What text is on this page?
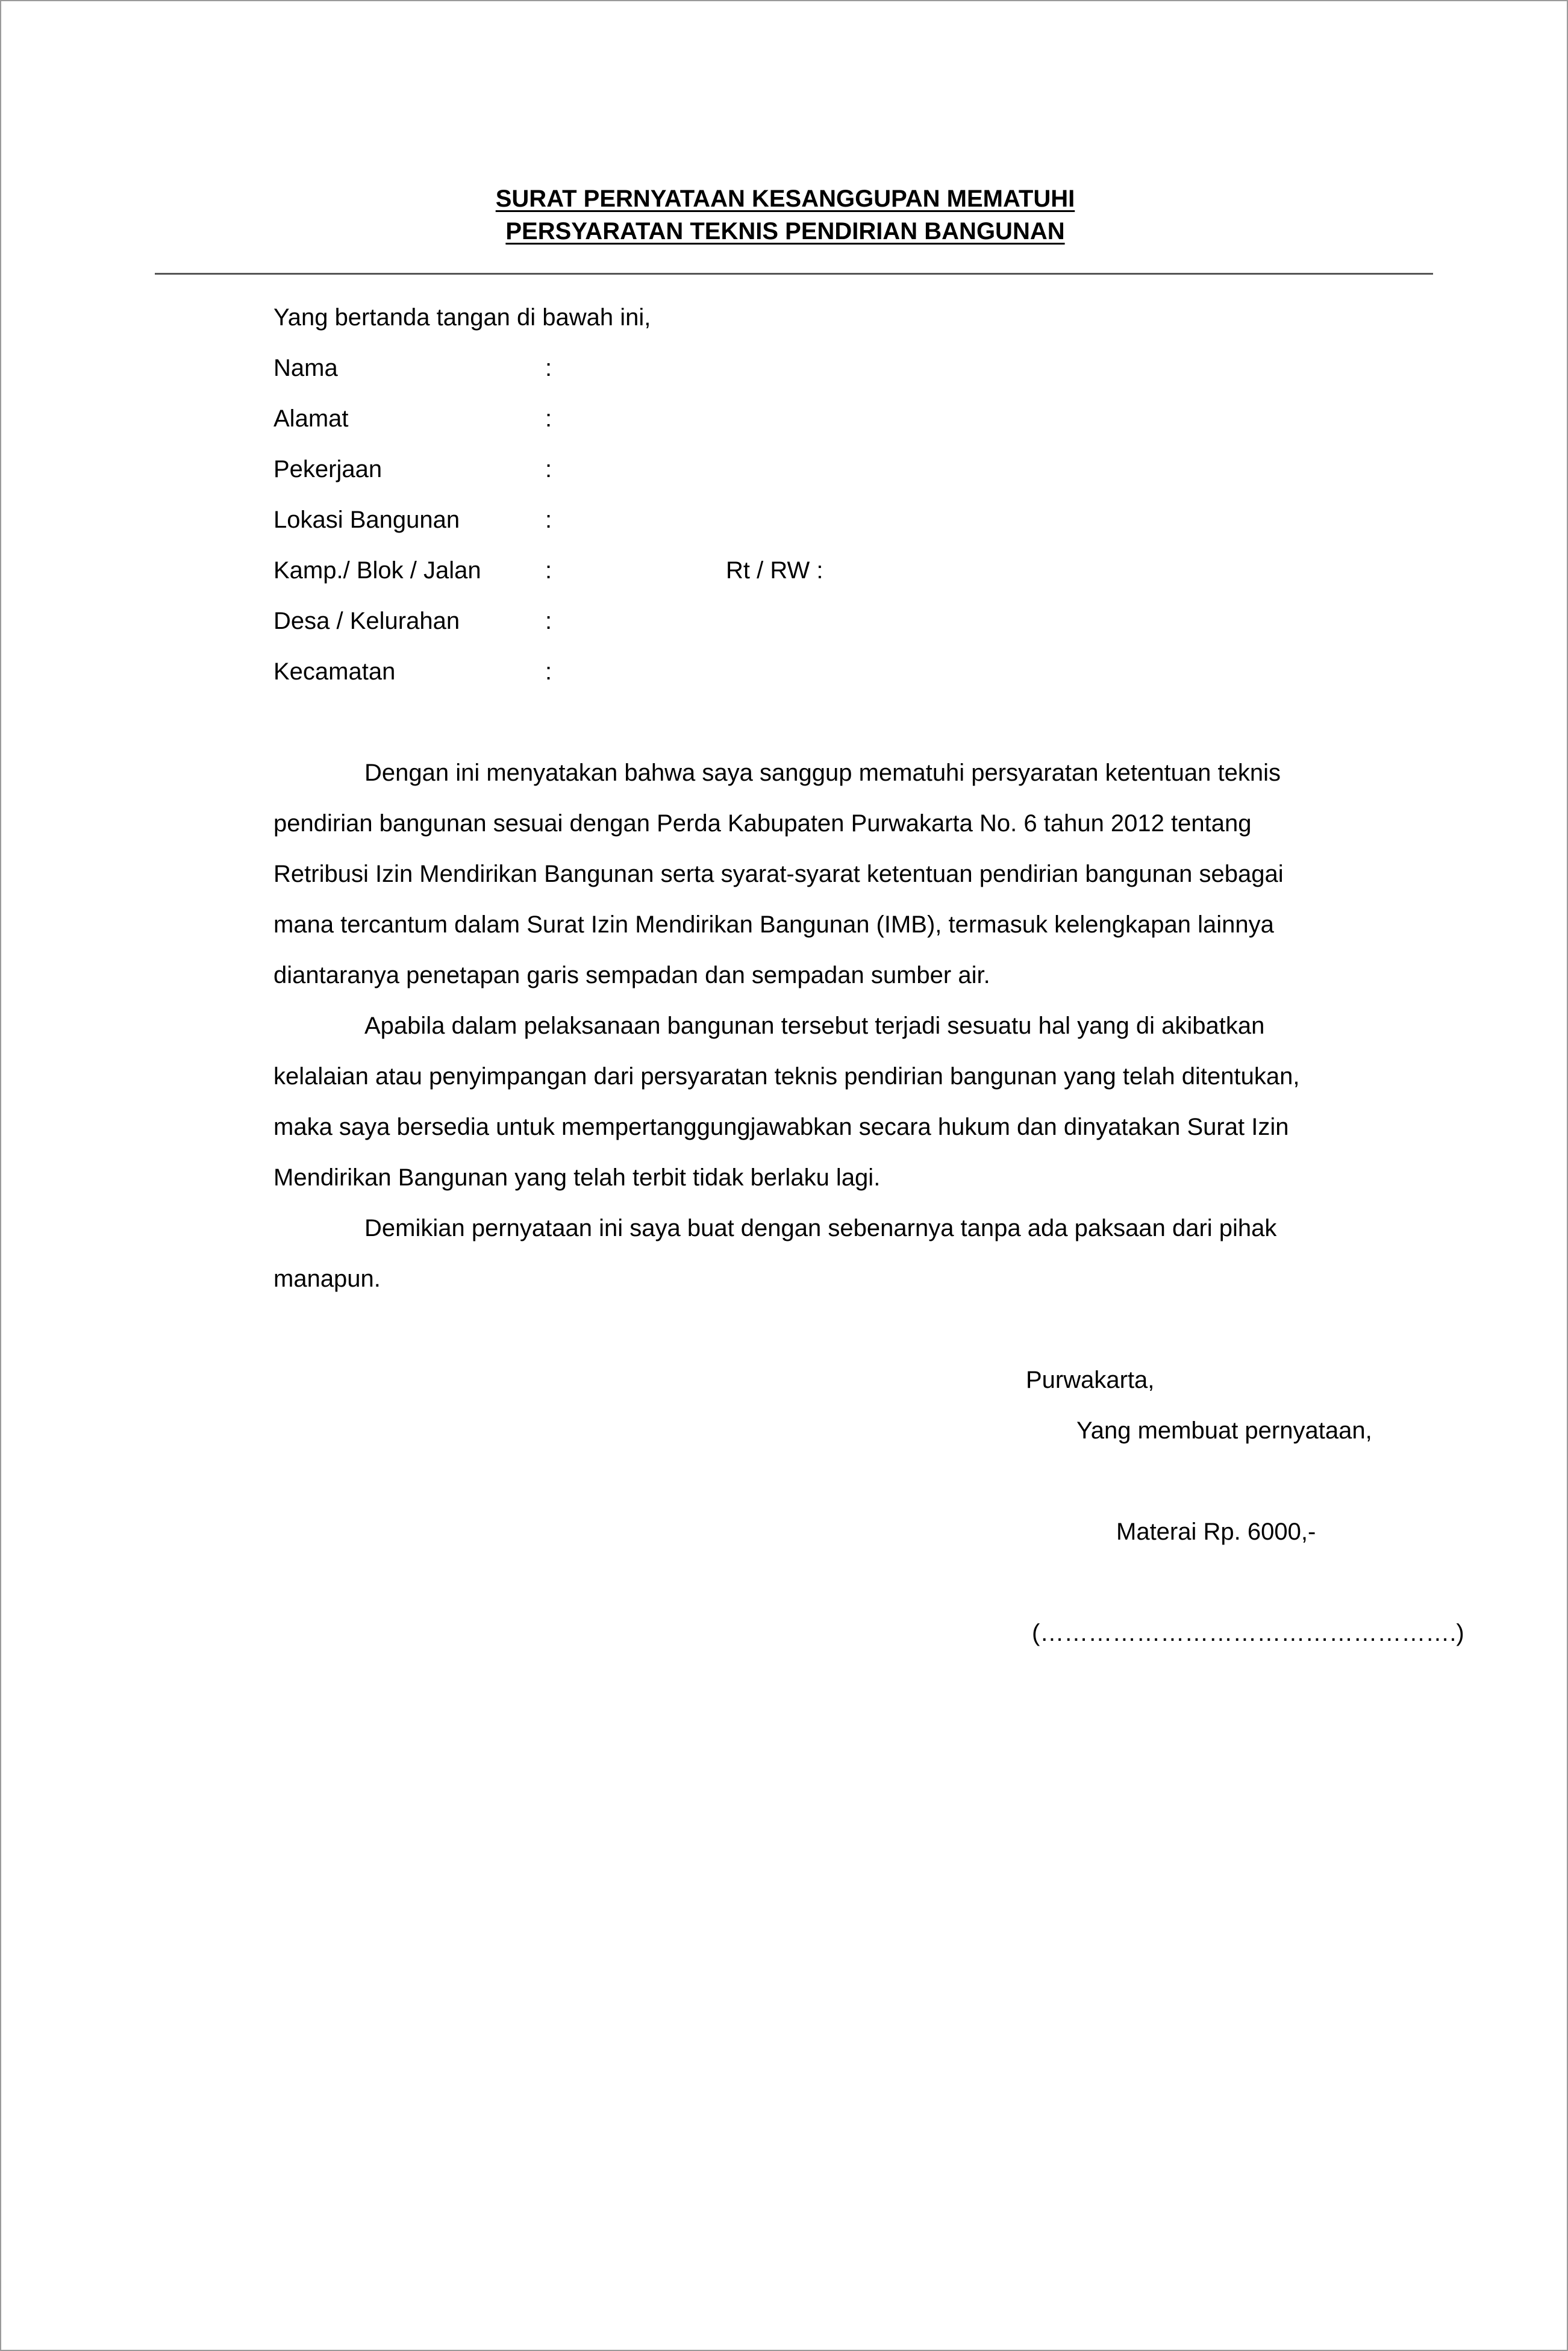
SURAT PERNYATAAN KESANGGUPAN MEMATUHI
PERSYARATAN TEKNIS PENDIRIAN BANGUNAN
Yang bertanda tangan di bawah ini,
Nama	:
Alamat	:
Pekerjaan	:
Lokasi Bangunan	:
Kamp./ Blok / Jalan	:	Rt / RW :
Desa / Kelurahan	:
Kecamatan	:
Dengan ini menyatakan bahwa saya sanggup mematuhi persyaratan ketentuan teknis
pendirian bangunan sesuai dengan Perda Kabupaten Purwakarta No. 6 tahun 2012 tentang
Retribusi Izin Mendirikan Bangunan serta syarat-syarat ketentuan pendirian bangunan sebagai
mana tercantum dalam Surat Izin Mendirikan Bangunan (IMB), termasuk kelengkapan lainnya
diantaranya penetapan garis sempadan dan sempadan sumber air.
Apabila dalam pelaksanaan bangunan tersebut terjadi sesuatu hal yang di akibatkan
kelalaian atau penyimpangan dari persyaratan teknis pendirian bangunan yang telah ditentukan,
maka saya bersedia untuk mempertanggungjawabkan secara hukum dan dinyatakan Surat Izin
Mendirikan Bangunan yang telah terbit tidak berlaku lagi.
Demikian pernyataan ini saya buat dengan sebenarnya tanpa ada paksaan dari pihak
manapun.
Purwakarta,
Yang membuat pernyataan,
Materai Rp. 6000,-
(…………………………………………….)
